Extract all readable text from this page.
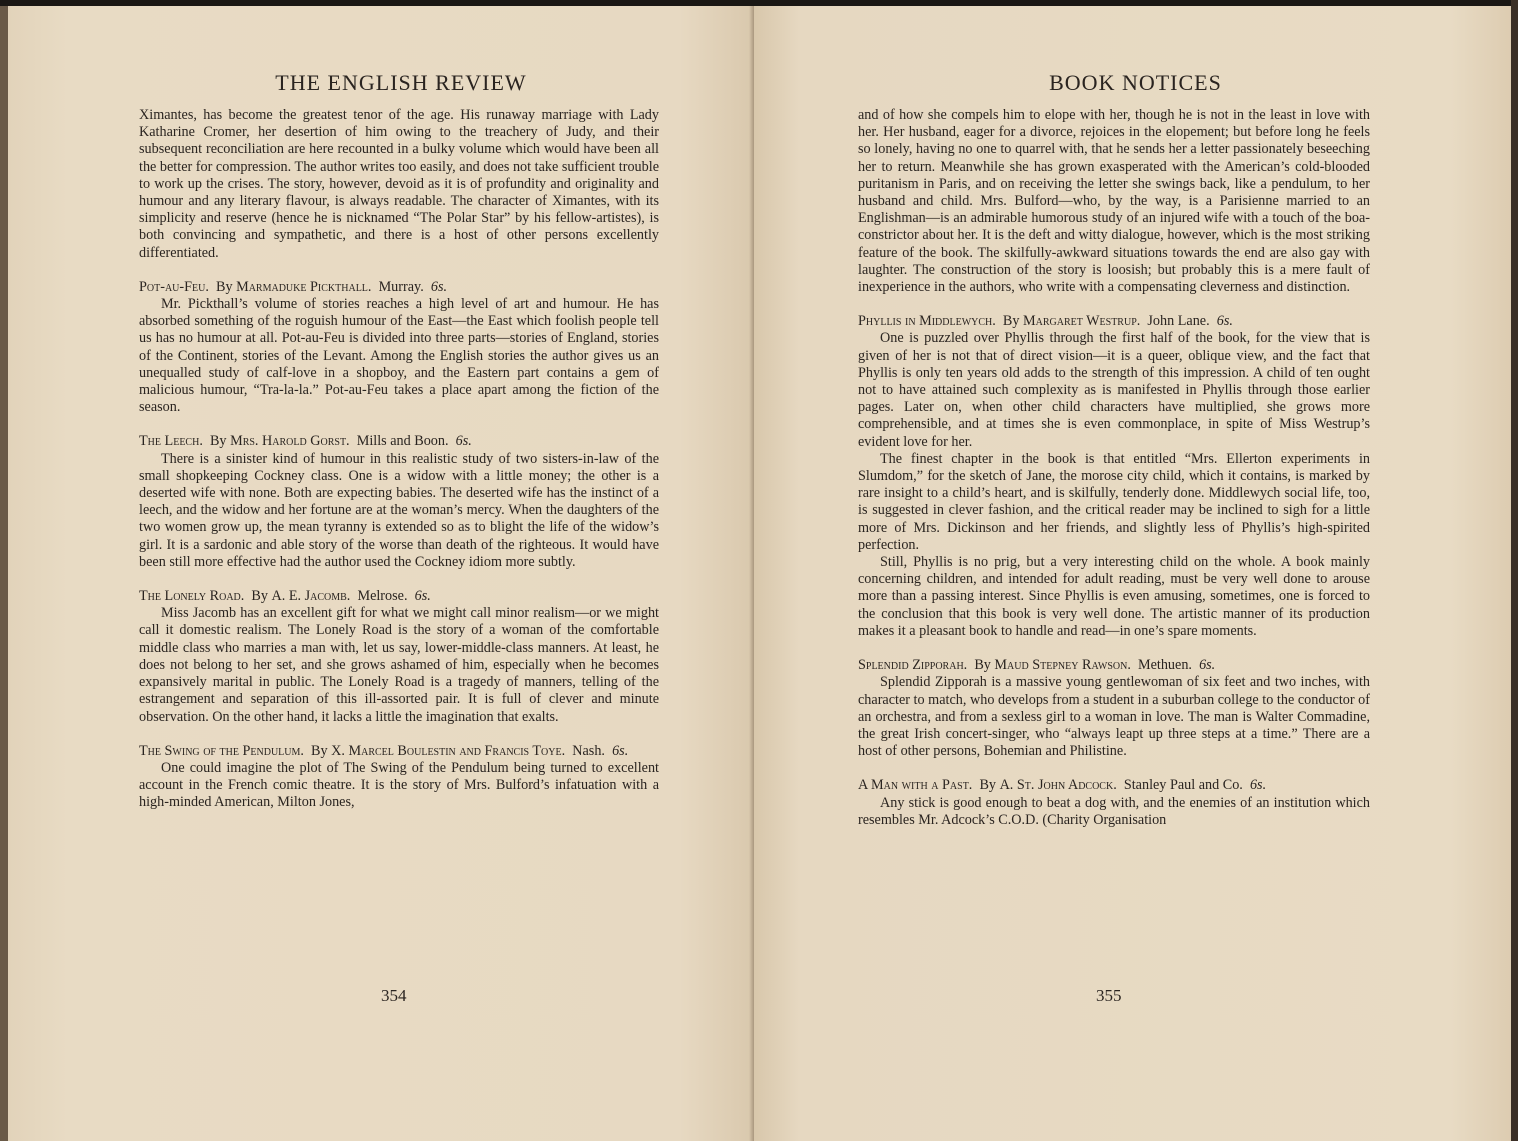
THE ENGLISH REVIEW

Ximantes, has become the greatest tenor of the age. His runaway marriage with Lady Katharine Cromer, her desertion of him owing to the treachery of Judy, and their subsequent reconciliation are here recounted in a bulky volume which would have been all the better for compression. The author writes too easily, and does not take sufficient trouble to work up the crises. The story, however, devoid as it is of profundity and originality and humour and any literary flavour, is always readable. The character of Ximantes, with its simplicity and reserve (hence he is nicknamed “The Polar Star” by his fellow-artistes), is both convincing and sympathetic, and there is a host of other persons excellently differentiated.

Pot-au-Feu. By Marmaduke Pickthall. Murray. 6s.

Mr. Pickthall’s volume of stories reaches a high level of art and humour. He has absorbed something of the roguish humour of the East—the East which foolish people tell us has no humour at all. Pot-au-Feu is divided into three parts—stories of England, stories of the Continent, stories of the Levant. Among the English stories the author gives us an unequalled study of calf-love in a shopboy, and the Eastern part contains a gem of malicious humour, “Tra-la-la.” Pot-au-Feu takes a place apart among the fiction of the season.

The Leech. By Mrs. Harold Gorst. Mills and Boon. 6s.

There is a sinister kind of humour in this realistic study of two sisters-in-law of the small shopkeeping Cockney class. One is a widow with a little money; the other is a deserted wife with none. Both are expecting babies. The deserted wife has the instinct of a leech, and the widow and her fortune are at the woman’s mercy. When the daughters of the two women grow up, the mean tyranny is extended so as to blight the life of the widow’s girl. It is a sardonic and able story of the worse than death of the righteous. It would have been still more effective had the author used the Cockney idiom more subtly.

The Lonely Road. By A. E. Jacomb. Melrose. 6s.

Miss Jacomb has an excellent gift for what we might call minor realism—or we might call it domestic realism. The Lonely Road is the story of a woman of the comfortable middle class who marries a man with, let us say, lower-middle-class manners. At least, he does not belong to her set, and she grows ashamed of him, especially when he becomes expansively marital in public. The Lonely Road is a tragedy of manners, telling of the estrangement and separation of this ill-assorted pair. It is full of clever and minute observation. On the other hand, it lacks a little the imagination that exalts.

The Swing of the Pendulum. By X. Marcel Boulestin and Francis Toye. Nash. 6s.

One could imagine the plot of The Swing of the Pendulum being turned to excellent account in the French comic theatre. It is the story of Mrs. Bulford’s infatuation with a high-minded American, Milton Jones,

354
BOOK NOTICES

and of how she compels him to elope with her, though he is not in the least in love with her. Her husband, eager for a divorce, rejoices in the elopement; but before long he feels so lonely, having no one to quarrel with, that he sends her a letter passionately beseeching her to return. Meanwhile she has grown exasperated with the American’s cold-blooded puritanism in Paris, and on receiving the letter she swings back, like a pendulum, to her husband and child. Mrs. Bulford—who, by the way, is a Parisienne married to an Englishman—is an admirable humorous study of an injured wife with a touch of the boa-constrictor about her. It is the deft and witty dialogue, however, which is the most striking feature of the book. The skilfully-awkward situations towards the end are also gay with laughter. The construction of the story is loosish; but probably this is a mere fault of inexperience in the authors, who write with a compensating cleverness and distinction.

Phyllis in Middlewych. By Margaret Westrup. John Lane. 6s.

One is puzzled over Phyllis through the first half of the book, for the view that is given of her is not that of direct vision—it is a queer, oblique view, and the fact that Phyllis is only ten years old adds to the strength of this impression. A child of ten ought not to have attained such complexity as is manifested in Phyllis through those earlier pages. Later on, when other child characters have multiplied, she grows more comprehensible, and at times she is even commonplace, in spite of Miss Westrup’s evident love for her.

The finest chapter in the book is that entitled “Mrs. Ellerton experiments in Slumdom,” for the sketch of Jane, the morose city child, which it contains, is marked by rare insight to a child’s heart, and is skilfully, tenderly done. Middlewych social life, too, is suggested in clever fashion, and the critical reader may be inclined to sigh for a little more of Mrs. Dickinson and her friends, and slightly less of Phyllis’s high-spirited perfection.

Still, Phyllis is no prig, but a very interesting child on the whole. A book mainly concerning children, and intended for adult reading, must be very well done to arouse more than a passing interest. Since Phyllis is even amusing, sometimes, one is forced to the conclusion that this book is very well done. The artistic manner of its production makes it a pleasant book to handle and read—in one’s spare moments.

Splendid Zipporah. By Maud Stepney Rawson. Methuen. 6s.

Splendid Zipporah is a massive young gentlewoman of six feet and two inches, with character to match, who develops from a student in a suburban college to the conductor of an orchestra, and from a sexless girl to a woman in love. The man is Walter Commadine, the great Irish concert-singer, who “always leapt up three steps at a time.” There are a host of other persons, Bohemian and Philistine.

A Man with a Past. By A. St. John Adcock. Stanley Paul and Co. 6s.

Any stick is good enough to beat a dog with, and the enemies of an institution which resembles Mr. Adcock’s C.O.D. (Charity Organisation

355
